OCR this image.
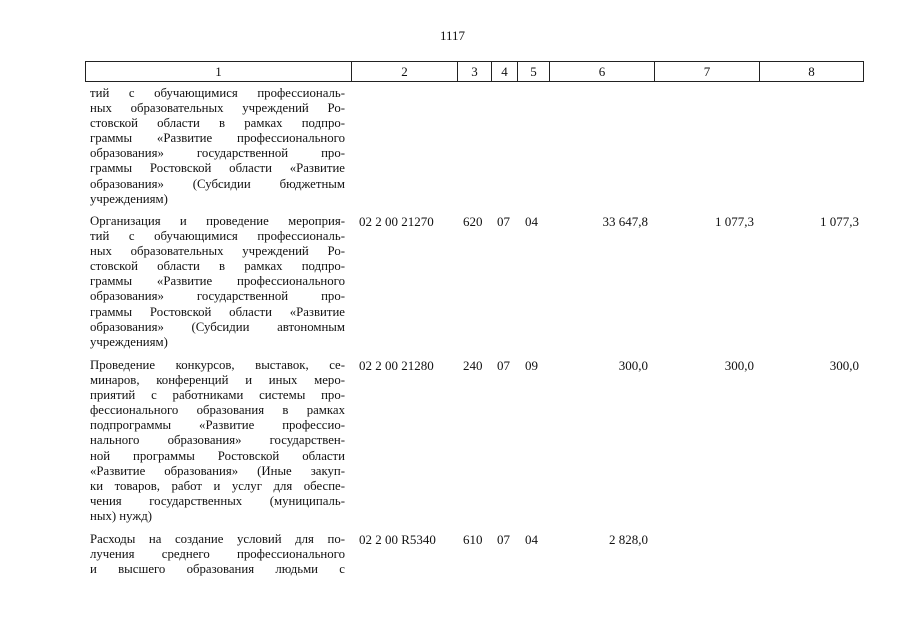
1117
1	2	3	4	5	6	7	8
тий с обучающимися профессиональ-
ных образовательных учреждений Ро-
стовской области в рамках подпро-
граммы «Развитие профессионального
образования» государственной про-
граммы Ростовской области «Развитие
образования» (Субсидии бюджетным
учреждениям)
Организация и проведение мероприя-
тий с обучающимися профессиональ-
ных образовательных учреждений Ро-
стовской области в рамках подпро-
граммы «Развитие профессионального
образования» государственной про-
граммы Ростовской области «Развитие
образования» (Субсидии автономным
учреждениям)
02 2 00 21270 620 07 04	33 647,8	1 077,3	1 077,3
Проведение конкурсов, выставок, се-
минаров, конференций и иных меро-
приятий с работниками системы про-
фессионального образования в рамках
подпрограммы «Развитие профессио-
нального образования» государствен-
ной программы Ростовской области
«Развитие образования» (Иные закуп-
ки товаров, работ и услуг для обеспе-
чения государственных (муниципаль-
ных) нужд)
02 2 00 21280 240 07 09	300,0	300,0	300,0
Расходы на создание условий для по-
лучения среднего профессионального
и высшего образования людьми с
02 2 00 R5340 610 07 04	2 828,0
